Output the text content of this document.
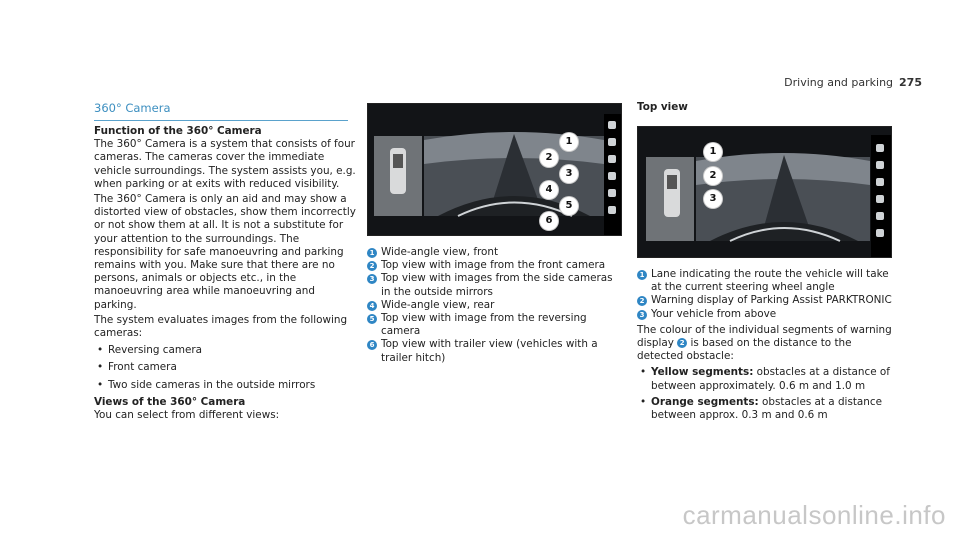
Driving and parking 275
360° Camera
Function of the 360° Camera

The 360° Camera is a system that consists of four cameras. The cameras cover the immediate vehicle surroundings. The system assists you, e.g. when parking or at exits with reduced visibility.

The 360° Camera is only an aid and may show a distorted view of obstacles, show them incorrectly or not show them at all. It is not a substitute for your attention to the surroundings. The responsibility for safe manoeuvring and parking remains with you. Make sure that there are no persons, animals or objects etc., in the manoeuvring area while manoeuvring and parking.

The system evaluates images from the following cameras:

• Reversing camera
• Front camera
• Two side cameras in the outside mirrors
Views of the 360° Camera
You can select from different views:
1
2
3
4
5
6
1 Wide-angle view, front
2 Top view with image from the front camera
3 Top view with images from the side cameras in the outside mirrors
4 Wide-angle view, rear
5 Top view with image from the reversing camera
6 Top view with trailer view (vehicles with a trailer hitch)
Top view
1
2
3
1 Lane indicating the route the vehicle will take at the current steering wheel angle
2 Warning display of Parking Assist PARKTRONIC
3 Your vehicle from above

The colour of the individual segments of warning display 2 is based on the distance to the detected obstacle:

• Yellow segments: obstacles at a distance of between approximately. 0.6 m and 1.0 m
• Orange segments: obstacles at a distance between approx. 0.3 m and 0.6 m
carmanualsonline.info
